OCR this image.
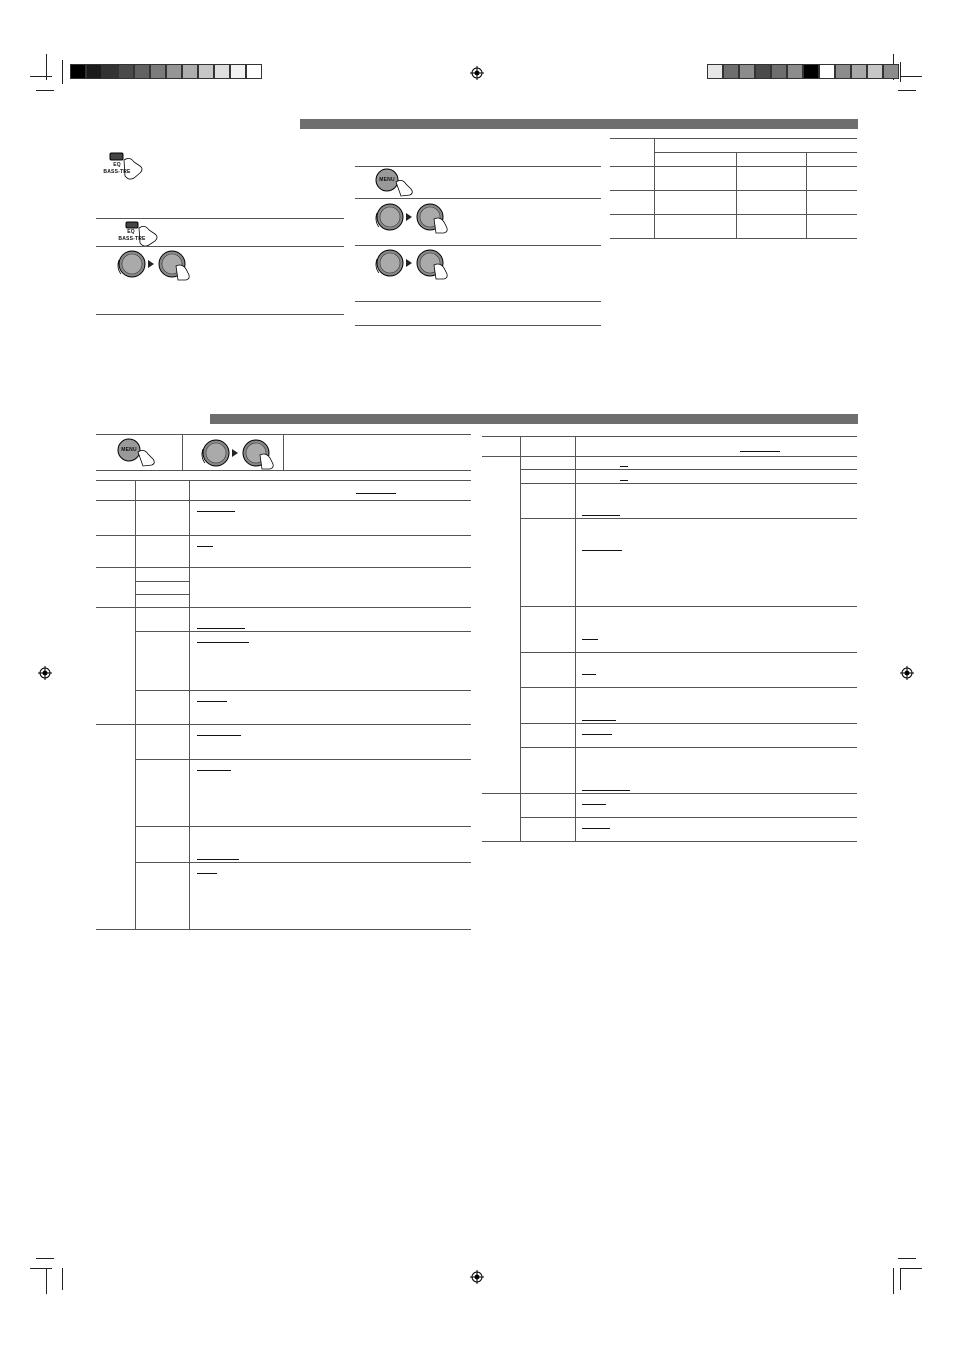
EQ
BASS-TRE
EQ
BASS-TRE
MENU
MENU
